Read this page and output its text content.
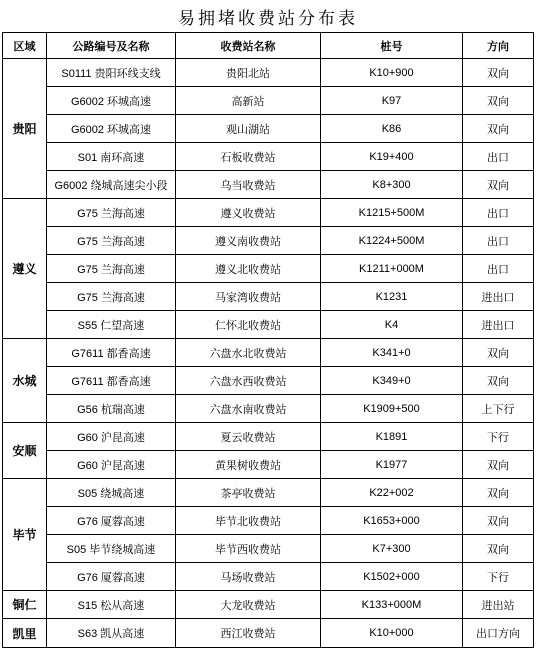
易拥堵收费站分布表
区域	公路编号及名称	收费站名称	桩号	方向
贵阳	S0111 贵阳环线支线	贵阳北站	K10+900	双向
	G6002 环城高速	高新站	K97	双向
	G6002 环城高速	观山湖站	K86	双向
	S01 南环高速	石板收费站	K19+400	出口
	G6002 绕城高速尖小段	乌当收费站	K8+300	双向
遵义	G75 兰海高速	遵义收费站	K1215+500M	出口
	G75 兰海高速	遵义南收费站	K1224+500M	出口
	G75 兰海高速	遵义北收费站	K1211+000M	出口
	G75 兰海高速	马家湾收费站	K1231	进出口
	S55 仁望高速	仁怀北收费站	K4	进出口
水城	G7611 都香高速	六盘水北收费站	K341+0	双向
	G7611 都香高速	六盘水西收费站	K349+0	双向
	G56 杭瑞高速	六盘水南收费站	K1909+500	上下行
安顺	G60 沪昆高速	夏云收费站	K1891	下行
	G60 沪昆高速	黄果树收费站	K1977	双向
毕节	S05 绕城高速	茶亭收费站	K22+002	双向
	G76 厦蓉高速	毕节北收费站	K1653+000	双向
	S05 毕节绕城高速	毕节西收费站	K7+300	双向
	G76 厦蓉高速	马场收费站	K1502+000	下行
铜仁	S15 松从高速	大龙收费站	K133+000M	进出站
凯里	S63 凯从高速	西江收费站	K10+000	出口方向
